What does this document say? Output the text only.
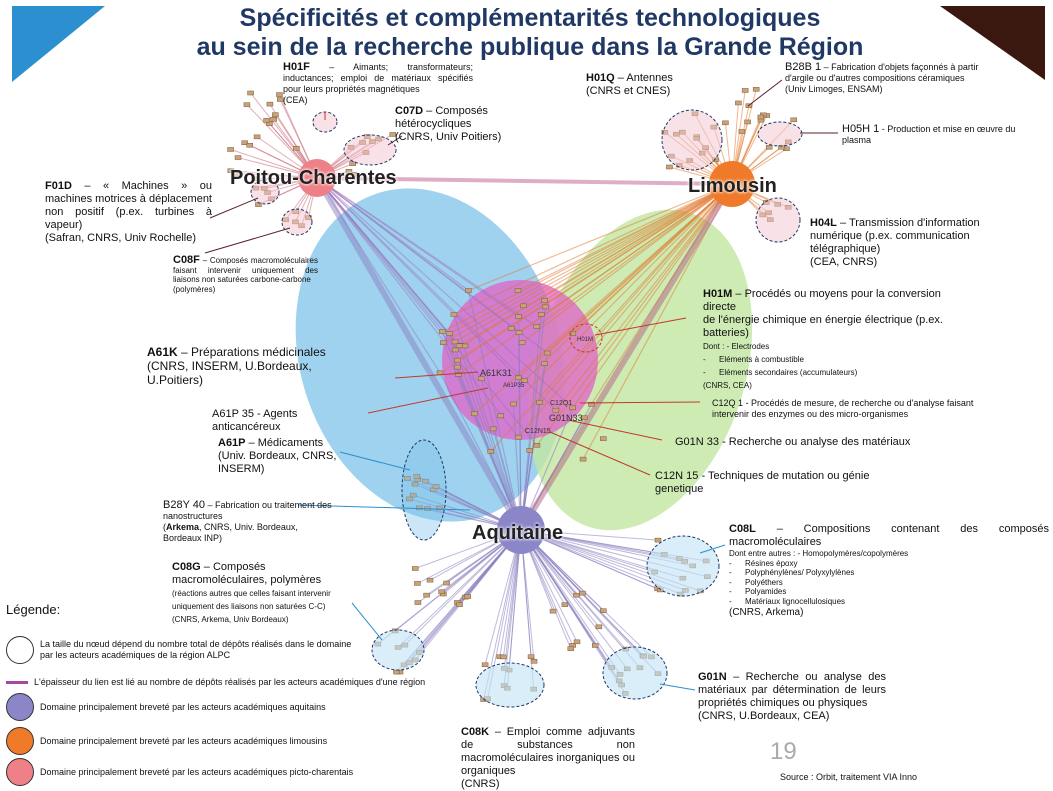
Spécificités et complémentarités technologiques
au sein de la recherche publique dans la Grande Région
A61K31
A61P35
H01M
C12Q1
G01N33
C12N15
Poitou-Charentes	Limousin
Aquitaine
H01F – Aimants; transformateurs; inductances; emploi de matériaux spécifiés pour leurs propriétés magnétiques
(CEA)
C07D – Composés hétérocycliques
(CNRS, Univ Poitiers)
H01Q – Antennes (CNRS et CNES)
B28B 1 – Fabrication d'objets façonnés à partir d'argile ou d'autres compositions céramiques
(Univ Limoges, ENSAM)
H05H 1 - Production et mise en œuvre du plasma
F01D – « Machines » ou machines motrices à déplacement non positif (p.ex. turbines à vapeur)
(Safran, CNRS, Univ Rochelle)
C08F – Composés macromoléculaires faisant intervenir uniquement des liaisons non saturées carbone-carbone
(polymères)
H04L – Transmission d'information numérique (p.ex. communication télégraphique)
(CEA, CNRS)
H01M – Procédés ou moyens pour la conversion directe
de l'énergie chimique en énergie électrique (p.ex. batteries)
Dont : - Electrodes
-      Eléments à combustible
-      Eléments secondaires (accumulateurs)
(CNRS, CEA)
A61K – Préparations médicinales
(CNRS, INSERM, U.Bordeaux, U.Poitiers)
A61P 35 - Agents anticancéreux
A61P – Médicaments
(Univ. Bordeaux, CNRS, INSERM)
C12Q 1 - Procédés de mesure, de recherche ou d'analyse faisant intervenir des enzymes ou des micro-organismes
G01N 33 - Recherche ou analyse des matériaux
C12N 15 - Techniques de mutation ou génie genetique
B28Y 40 – Fabrication ou traitement des nanostructures
(Arkema, CNRS, Univ. Bordeaux, Bordeaux INP)
C08G – Composés macromoléculaires, polymères
(réactions autres que celles faisant intervenir uniquement des liaisons non saturées C-C)
(CNRS, Arkema, Univ Bordeaux)
C08L – Compositions contenant des composés macromoléculaires
Dont entre autres : - Homopolymères/copolymères
-      Résines époxy
-      Polyphénylènes/ Polyxylylènes
-      Polyéthers
-      Polyamides
-      Matériaux lignocellulosiques
(CNRS, Arkema)
G01N – Recherche ou analyse des matériaux par détermination de leurs propriétés chimiques ou physiques
(CNRS, U.Bordeaux, CEA)
C08K – Emploi comme adjuvants de substances non macromoléculaires inorganiques ou organiques
(CNRS)
Légende:
La taille du nœud dépend du nombre total de dépôts réalisés dans le domaine par les acteurs académiques de la région ALPC
L'épaisseur du lien est lié au nombre de dépôts réalisés par les acteurs académiques d'une région
Domaine principalement breveté par les acteurs académiques aquitains
Domaine principalement breveté par les acteurs académiques limousins
Domaine principalement breveté par les acteurs académiques picto-charentais
19
Source : Orbit, traitement VIA Inno
